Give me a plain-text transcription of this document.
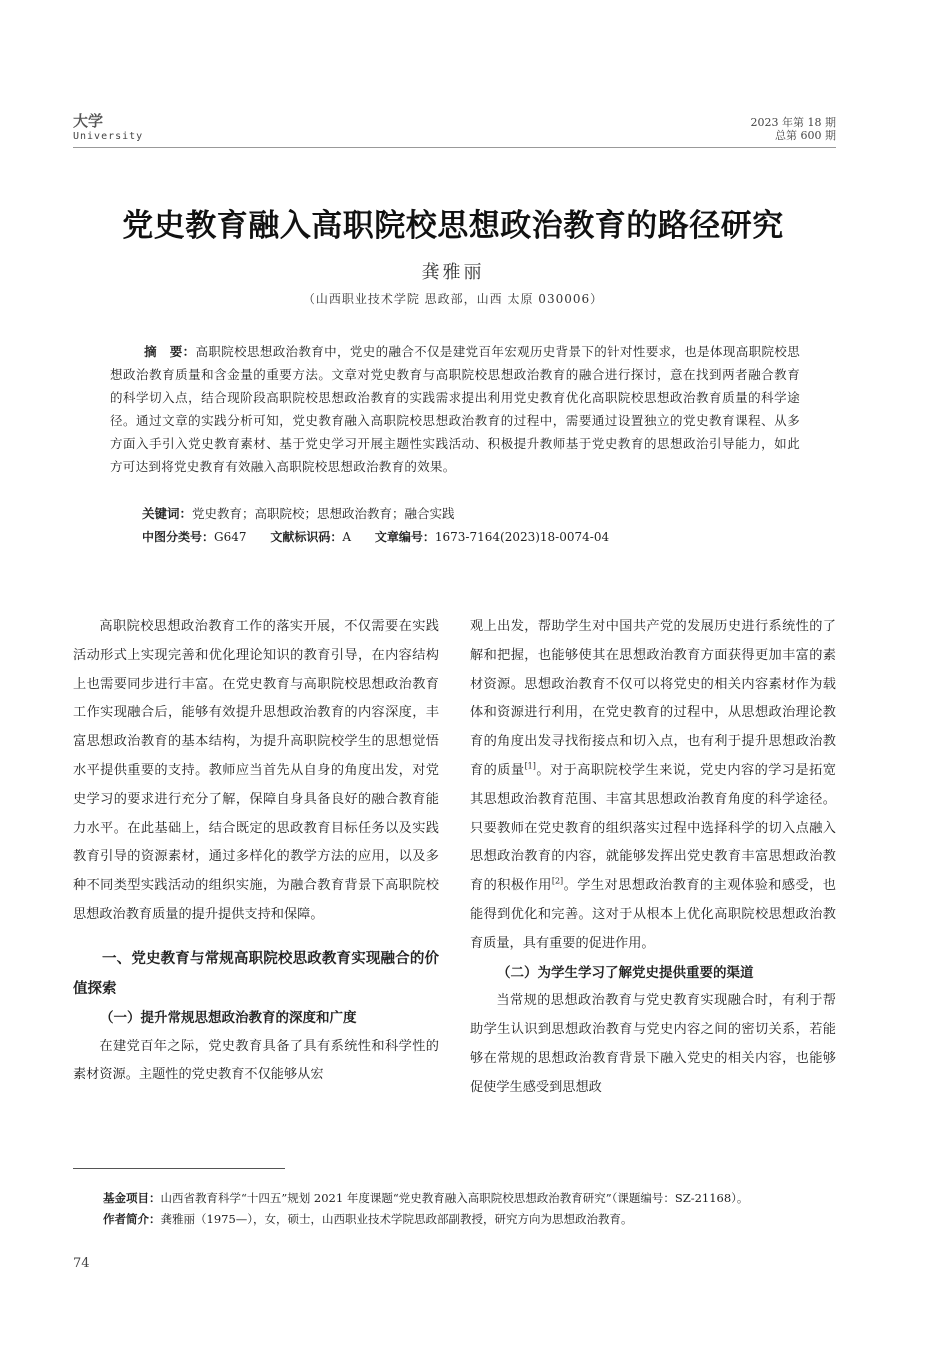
大学
University
2023 年第 18 期
总第 600 期
党史教育融入高职院校思想政治教育的路径研究
龚雅丽
（山西职业技术学院 思政部，山西 太原 030006）
摘　要：高职院校思想政治教育中，党史的融合不仅是建党百年宏观历史背景下的针对性要求，也是体现高职院校思想政治教育质量和含金量的重要方法。文章对党史教育与高职院校思想政治教育的融合进行探讨，意在找到两者融合教育的科学切入点，结合现阶段高职院校思想政治教育的实践需求提出利用党史教育优化高职院校思想政治教育质量的科学途径。通过文章的实践分析可知，党史教育融入高职院校思想政治教育的过程中，需要通过设置独立的党史教育课程、从多方面入手引入党史教育素材、基于党史学习开展主题性实践活动、积极提升教师基于党史教育的思想政治引导能力，如此方可达到将党史教育有效融入高职院校思想政治教育的效果。
关键词：党史教育；高职院校；思想政治教育；融合实践
中图分类号：G647 文献标识码：A 文章编号：1673-7164(2023)18-0074-04

高职院校思想政治教育工作的落实开展，不仅需要在实践活动形式上实现完善和优化理论知识的教育引导，在内容结构上也需要同步进行丰富。在党史教育与高职院校思想政治教育工作实现融合后，能够有效提升思想政治教育的内容深度，丰富思想政治教育的基本结构，为提升高职院校学生的思想觉悟水平提供重要的支持。教师应当首先从自身的角度出发，对党史学习的要求进行充分了解，保障自身具备良好的融合教育能力水平。在此基础上，结合既定的思政教育目标任务以及实践教育引导的资源素材，通过多样化的教学方法的应用，以及多种不同类型实践活动的组织实施，为融合教育背景下高职院校思想政治教育质量的提升提供支持和保障。

一、党史教育与常规高职院校思政教育实现融合的价值探索
（一）提升常规思想政治教育的深度和广度

在建党百年之际，党史教育具备了具有系统性和科学性的素材资源。主题性的党史教育不仅能够从宏

观上出发，帮助学生对中国共产党的发展历史进行系统性的了解和把握，也能够使其在思想政治教育方面获得更加丰富的素材资源。思想政治教育不仅可以将党史的相关内容素材作为载体和资源进行利用，在党史教育的过程中，从思想政治理论教育的角度出发寻找衔接点和切入点，也有利于提升思想政治教育的质量[1]。对于高职院校学生来说，党史内容的学习是拓宽其思想政治教育范围、丰富其思想政治教育角度的科学途径。只要教师在党史教育的组织落实过程中选择科学的切入点融入思想政治教育的内容，就能够发挥出党史教育丰富思想政治教育的积极作用[2]。学生对思想政治教育的主观体验和感受，也能得到优化和完善。这对于从根本上优化高职院校思想政治教育质量，具有重要的促进作用。

（二）为学生学习了解党史提供重要的渠道

当常规的思想政治教育与党史教育实现融合时，有利于帮助学生认识到思想政治教育与党史内容之间的密切关系，若能够在常规的思想政治教育背景下融入党史的相关内容，也能够促使学生感受到思想政

基金项目：山西省教育科学“十四五”规划 2021 年度课题“党史教育融入高职院校思想政治教育研究”（课题编号：SZ-21168）。
作者简介：龚雅丽（1975—），女，硕士，山西职业技术学院思政部副教授，研究方向为思想政治教育。
74
